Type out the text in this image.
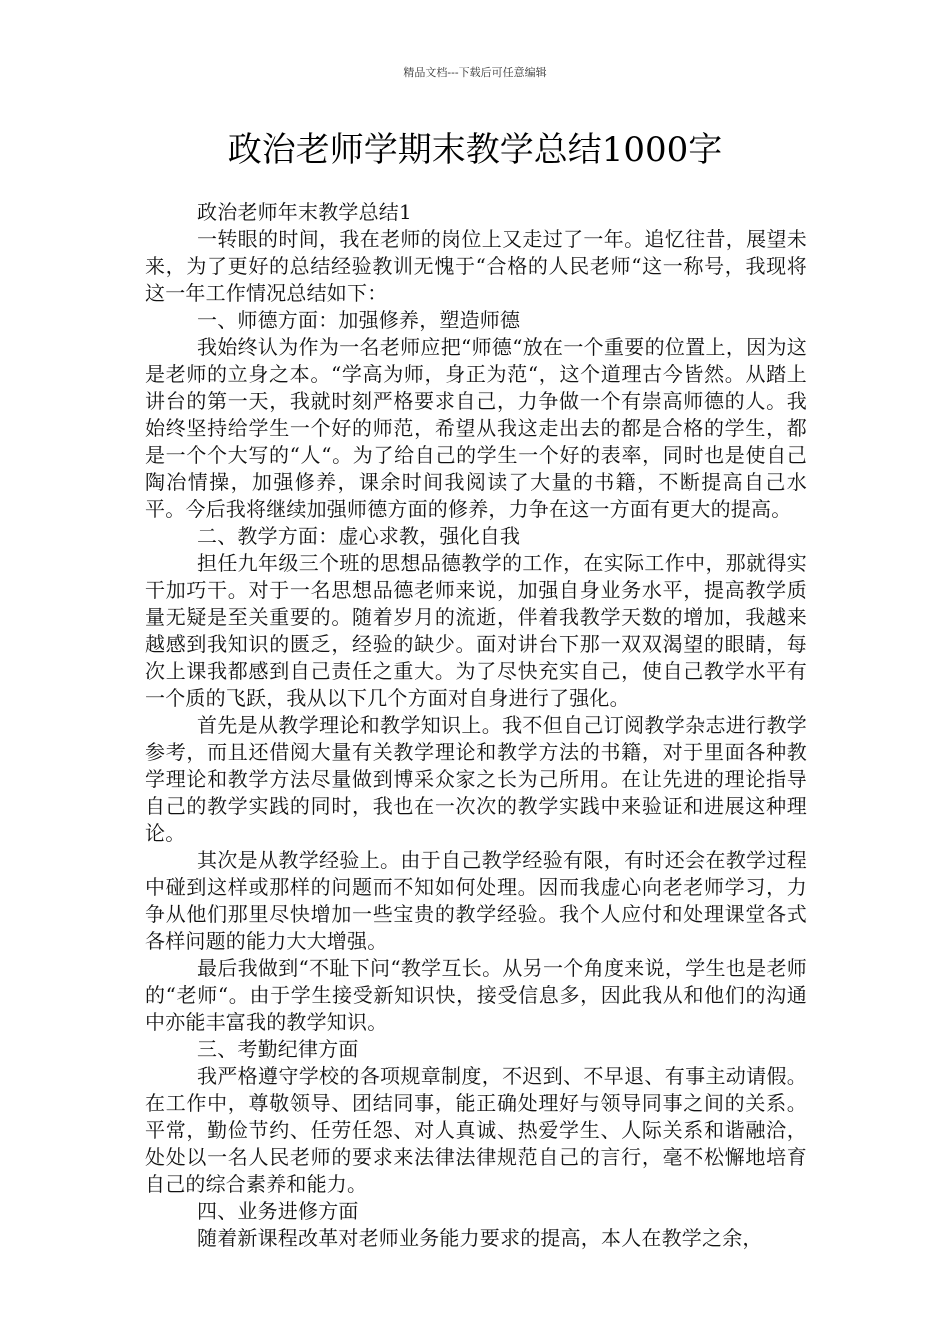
精品文档---下载后可任意编辑
政治老师学期末教学总结1000字

政治老师年末教学总结1

一转眼的时间，我在老师的岗位上又走过了一年。追忆往昔，展望未来，为了更好的总结经验教训无愧于“合格的人民老师“这一称号，我现将这一年工作情况总结如下：

一、师德方面：加强修养，塑造师德

我始终认为作为一名老师应把“师德“放在一个重要的位置上，因为这是老师的立身之本。“学高为师，身正为范“，这个道理古今皆然。从踏上讲台的第一天，我就时刻严格要求自己，力争做一个有崇高师德的人。我始终坚持给学生一个好的师范，希望从我这走出去的都是合格的学生，都是一个个大写的“人“。为了给自己的学生一个好的表率，同时也是使自己陶冶情操，加强修养，课余时间我阅读了大量的书籍，不断提高自己水平。今后我将继续加强师德方面的修养，力争在这一方面有更大的提高。

二、教学方面：虚心求教，强化自我

担任九年级三个班的思想品德教学的工作，在实际工作中，那就得实干加巧干。对于一名思想品德老师来说，加强自身业务水平，提高教学质量无疑是至关重要的。随着岁月的流逝，伴着我教学天数的增加，我越来越感到我知识的匮乏，经验的缺少。面对讲台下那一双双渴望的眼睛，每次上课我都感到自己责任之重大。为了尽快充实自己，使自己教学水平有一个质的飞跃，我从以下几个方面对自身进行了强化。

首先是从教学理论和教学知识上。我不但自己订阅教学杂志进行教学参考，而且还借阅大量有关教学理论和教学方法的书籍，对于里面各种教学理论和教学方法尽量做到博采众家之长为己所用。在让先进的理论指导自己的教学实践的同时，我也在一次次的教学实践中来验证和进展这种理论。

其次是从教学经验上。由于自己教学经验有限，有时还会在教学过程中碰到这样或那样的问题而不知如何处理。因而我虚心向老老师学习，力争从他们那里尽快增加一些宝贵的教学经验。我个人应付和处理课堂各式各样问题的能力大大增强。

最后我做到“不耻下问“教学互长。从另一个角度来说，学生也是老师的“老师“。由于学生接受新知识快，接受信息多，因此我从和他们的沟通中亦能丰富我的教学知识。

三、考勤纪律方面

我严格遵守学校的各项规章制度，不迟到、不早退、有事主动请假。在工作中，尊敬领导、团结同事，能正确处理好与领导同事之间的关系。平常，勤俭节约、任劳任怨、对人真诚、热爱学生、人际关系和谐融洽，处处以一名人民老师的要求来法律法律规范自己的言行，毫不松懈地培育自己的综合素养和能力。

四、业务进修方面

随着新课程改革对老师业务能力要求的提高，本人在教学之余，
